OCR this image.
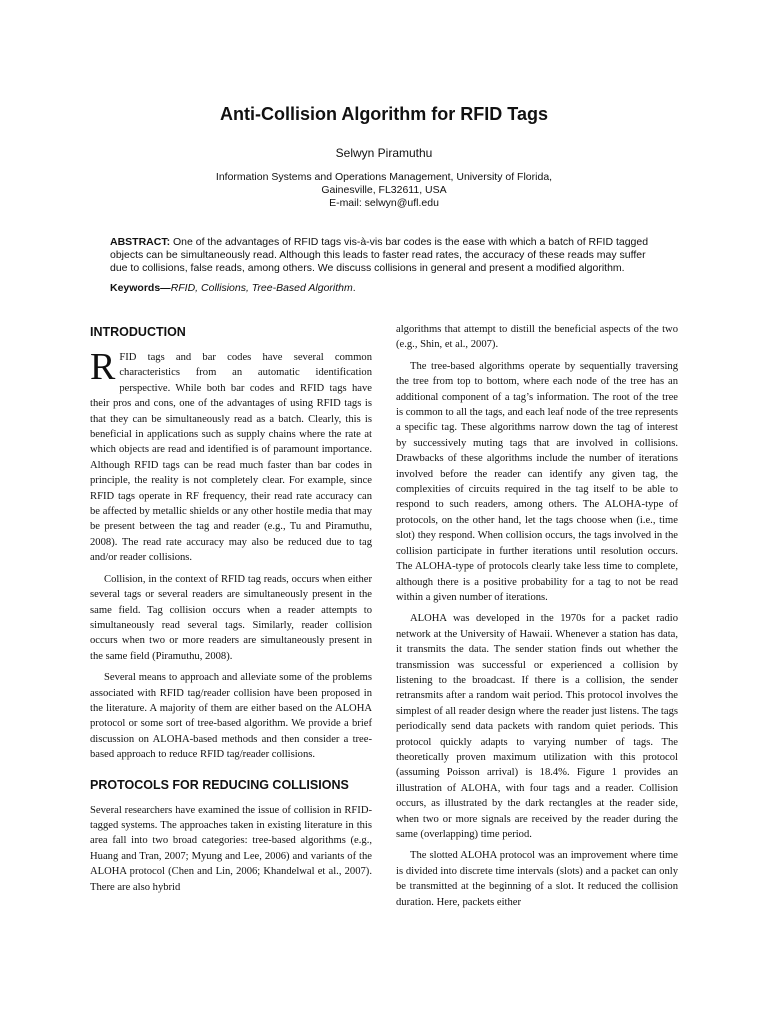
Anti-Collision Algorithm for RFID Tags
Selwyn Piramuthu
Information Systems and Operations Management, University of Florida,
Gainesville, FL32611, USA
E-mail: selwyn@ufl.edu

ABSTRACT: One of the advantages of RFID tags vis-à-vis bar codes is the ease with which a batch of RFID tagged objects can be simultaneously read. Although this leads to faster read rates, the accuracy of these reads may suffer due to collisions, false reads, among others. We discuss collisions in general and present a modified algorithm.

Keywords—RFID, Collisions, Tree-Based Algorithm.

INTRODUCTION

RFID tags and bar codes have several common characteristics from an automatic identification perspective. While both bar codes and RFID tags have their pros and cons, one of the advantages of using RFID tags is that they can be simultaneously read as a batch. Clearly, this is beneficial in applications such as supply chains where the rate at which objects are read and identified is of paramount importance. Although RFID tags can be read much faster than bar codes in principle, the reality is not completely clear. For example, since RFID tags operate in RF frequency, their read rate accuracy can be affected by metallic shields or any other hostile media that may be present between the tag and reader (e.g., Tu and Piramuthu, 2008). The read rate accuracy may also be reduced due to tag and/or reader collisions.

Collision, in the context of RFID tag reads, occurs when either several tags or several readers are simultaneously present in the same field. Tag collision occurs when a reader attempts to simultaneously read several tags. Similarly, reader collision occurs when two or more readers are simultaneously present in the same field (Piramuthu, 2008).

Several means to approach and alleviate some of the problems associated with RFID tag/reader collision have been proposed in the literature. A majority of them are either based on the ALOHA protocol or some sort of tree-based algorithm. We provide a brief discussion on ALOHA-based methods and then consider a tree-based approach to reduce RFID tag/reader collisions.

PROTOCOLS FOR REDUCING COLLISIONS

Several researchers have examined the issue of collision in RFID-tagged systems. The approaches taken in existing literature in this area fall into two broad categories: tree-based algorithms (e.g., Huang and Tran, 2007; Myung and Lee, 2006) and variants of the ALOHA protocol (Chen and Lin, 2006; Khandelwal et al., 2007). There are also hybrid

algorithms that attempt to distill the beneficial aspects of the two (e.g., Shin, et al., 2007).

The tree-based algorithms operate by sequentially traversing the tree from top to bottom, where each node of the tree has an additional component of a tag’s information. The root of the tree is common to all the tags, and each leaf node of the tree represents a specific tag. These algorithms narrow down the tag of interest by successively muting tags that are involved in collisions. Drawbacks of these algorithms include the number of iterations involved before the reader can identify any given tag, the complexities of circuits required in the tag itself to be able to respond to such readers, among others. The ALOHA-type of protocols, on the other hand, let the tags choose when (i.e., time slot) they respond. When collision occurs, the tags involved in the collision participate in further iterations until resolution occurs. The ALOHA-type of protocols clearly take less time to complete, although there is a positive probability for a tag to not be read within a given number of iterations.

ALOHA was developed in the 1970s for a packet radio network at the University of Hawaii. Whenever a station has data, it transmits the data. The sender station finds out whether the transmission was successful or experienced a collision by listening to the broadcast. If there is a collision, the sender retransmits after a random wait period. This protocol involves the simplest of all reader design where the reader just listens. The tags periodically send data packets with random quiet periods. This protocol quickly adapts to varying number of tags. The theoretically proven maximum utilization with this protocol (assuming Poisson arrival) is 18.4%. Figure 1 provides an illustration of ALOHA, with four tags and a reader. Collision occurs, as illustrated by the dark rectangles at the reader side, when two or more signals are received by the reader during the same (overlapping) time period.

The slotted ALOHA protocol was an improvement where time is divided into discrete time intervals (slots) and a packet can only be transmitted at the beginning of a slot. It reduced the collision duration. Here, packets either
